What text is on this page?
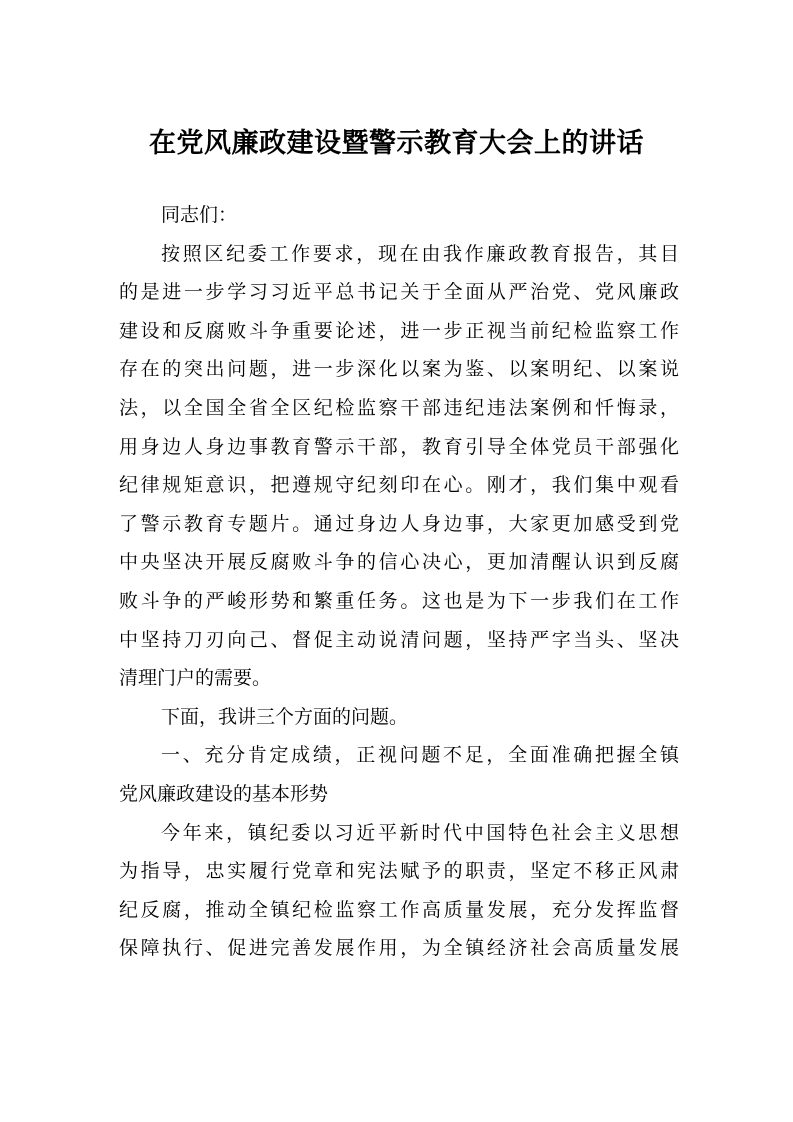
在党风廉政建设暨警示教育大会上的讲话
同志们：
按照区纪委工作要求，现在由我作廉政教育报告，其目
的是进一步学习习近平总书记关于全面从严治党、党风廉政
建设和反腐败斗争重要论述，进一步正视当前纪检监察工作
存在的突出问题，进一步深化以案为鉴、以案明纪、以案说
法，以全国全省全区纪检监察干部违纪违法案例和忏悔录，
用身边人身边事教育警示干部，教育引导全体党员干部强化
纪律规矩意识，把遵规守纪刻印在心。刚才，我们集中观看
了警示教育专题片。通过身边人身边事，大家更加感受到党
中央坚决开展反腐败斗争的信心决心，更加清醒认识到反腐
败斗争的严峻形势和繁重任务。这也是为下一步我们在工作
中坚持刀刃向己、督促主动说清问题，坚持严字当头、坚决
清理门户的需要。
下面，我讲三个方面的问题。
一、充分肯定成绩，正视问题不足，全面准确把握全镇
党风廉政建设的基本形势
今年来，镇纪委以习近平新时代中国特色社会主义思想
为指导，忠实履行党章和宪法赋予的职责，坚定不移正风肃
纪反腐，推动全镇纪检监察工作高质量发展，充分发挥监督
保障执行、促进完善发展作用，为全镇经济社会高质量发展
